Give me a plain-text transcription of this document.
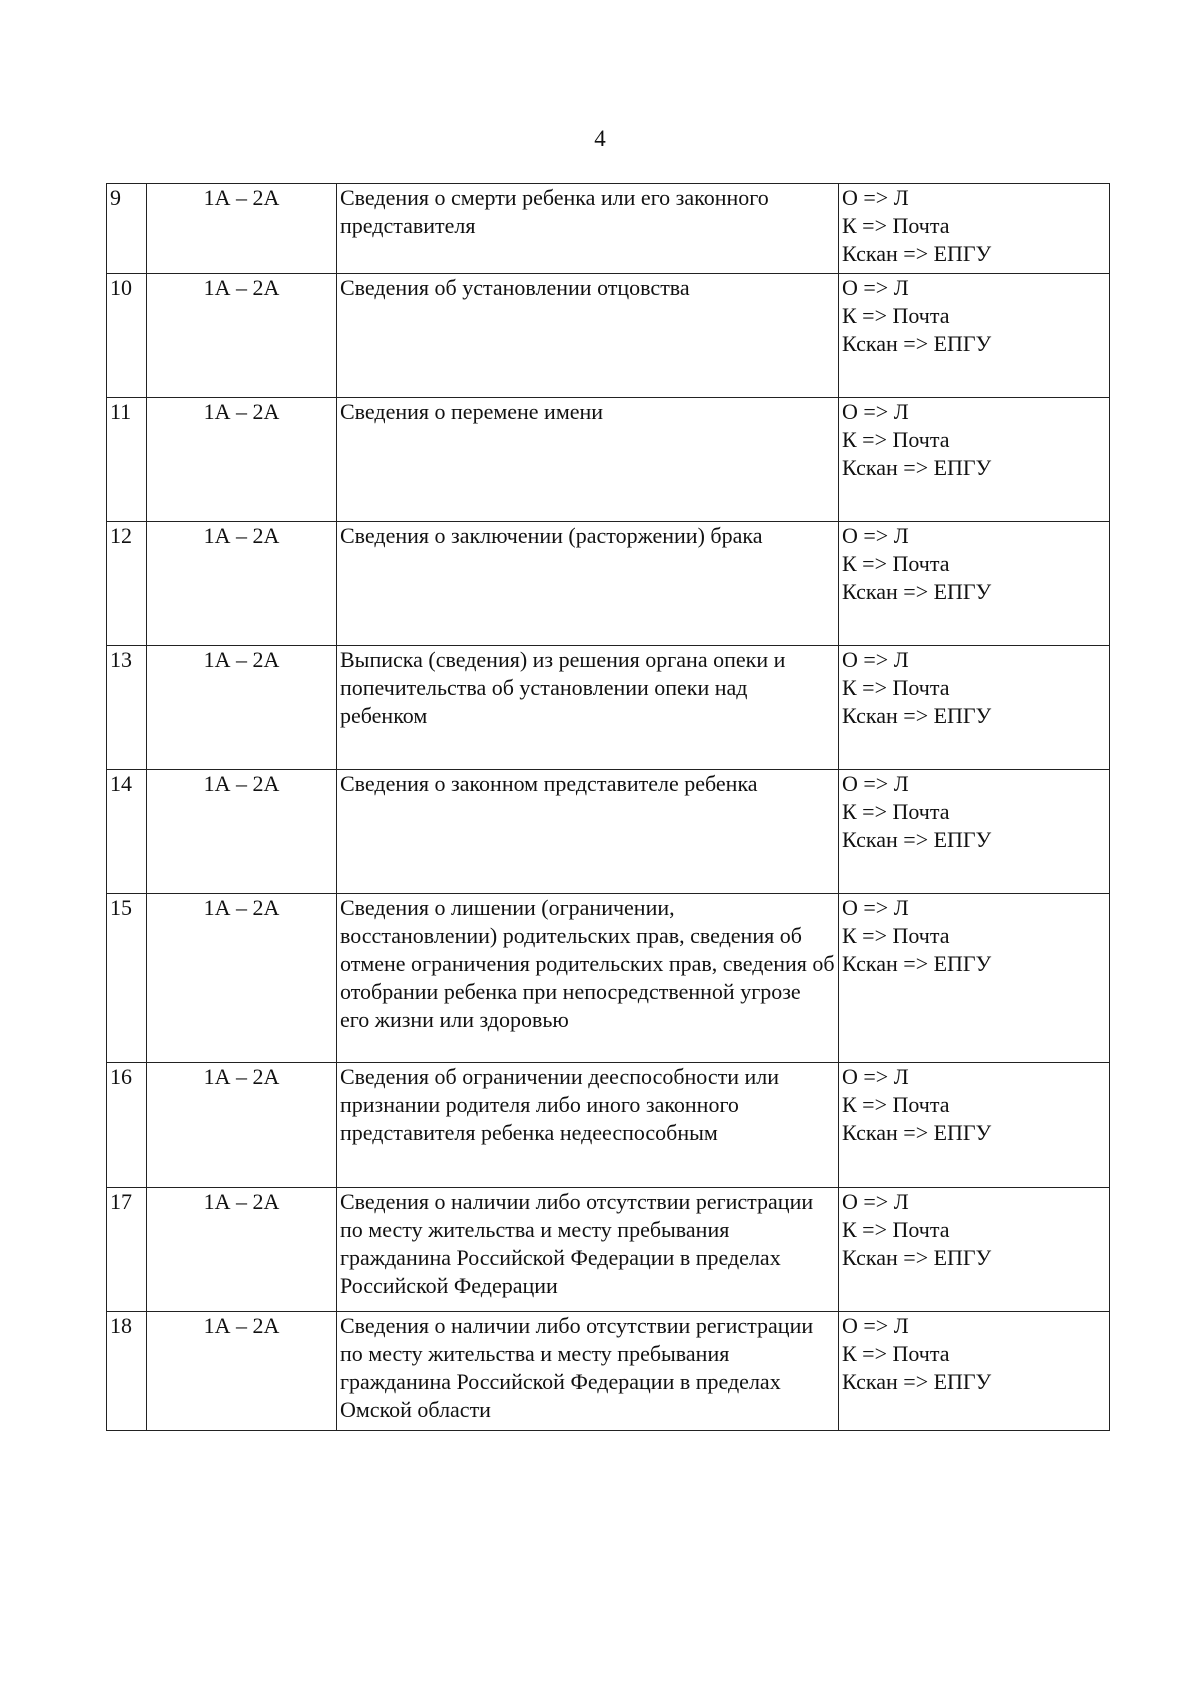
4
9	1А – 2А	Сведения о смерти ребенка или его законного представителя	О => Л
К => Почта
Кскан => ЕПГУ

10	1А – 2А	Сведения об установлении отцовства	О => Л
К => Почта
Кскан => ЕПГУ

11	1А – 2А	Сведения о перемене имени	О => Л
К => Почта
Кскан => ЕПГУ

12	1А – 2А	Сведения о заключении (расторжении) брака	О => Л
К => Почта
Кскан => ЕПГУ

13	1А – 2А	Выписка (сведения) из решения органа опеки и попечительства об установлении опеки над ребенком	О => Л
К => Почта
Кскан => ЕПГУ

14	1А – 2А	Сведения о законном представителе ребенка	О => Л
К => Почта
Кскан => ЕПГУ

15	1А – 2А	Сведения о лишении (ограничении, восстановлении) родительских прав, сведения об отмене ограничения родительских прав, сведения об отобрании ребенка при непосредственной угрозе его жизни или здоровью	О => Л
К => Почта
Кскан => ЕПГУ

16	1А – 2А	Сведения об ограничении дееспособности или признании родителя либо иного законного представителя ребенка недееспособным	О => Л
К => Почта
Кскан => ЕПГУ

17	1А – 2А	Сведения о наличии либо отсутствии регистрации по месту жительства и месту пребывания гражданина Российской Федерации в пределах Российской Федерации	О => Л
К => Почта
Кскан => ЕПГУ

18	1А – 2А	Сведения о наличии либо отсутствии регистрации по месту жительства и месту пребывания гражданина Российской Федерации в пределах Омской области	О => Л
К => Почта
Кскан => ЕПГУ
